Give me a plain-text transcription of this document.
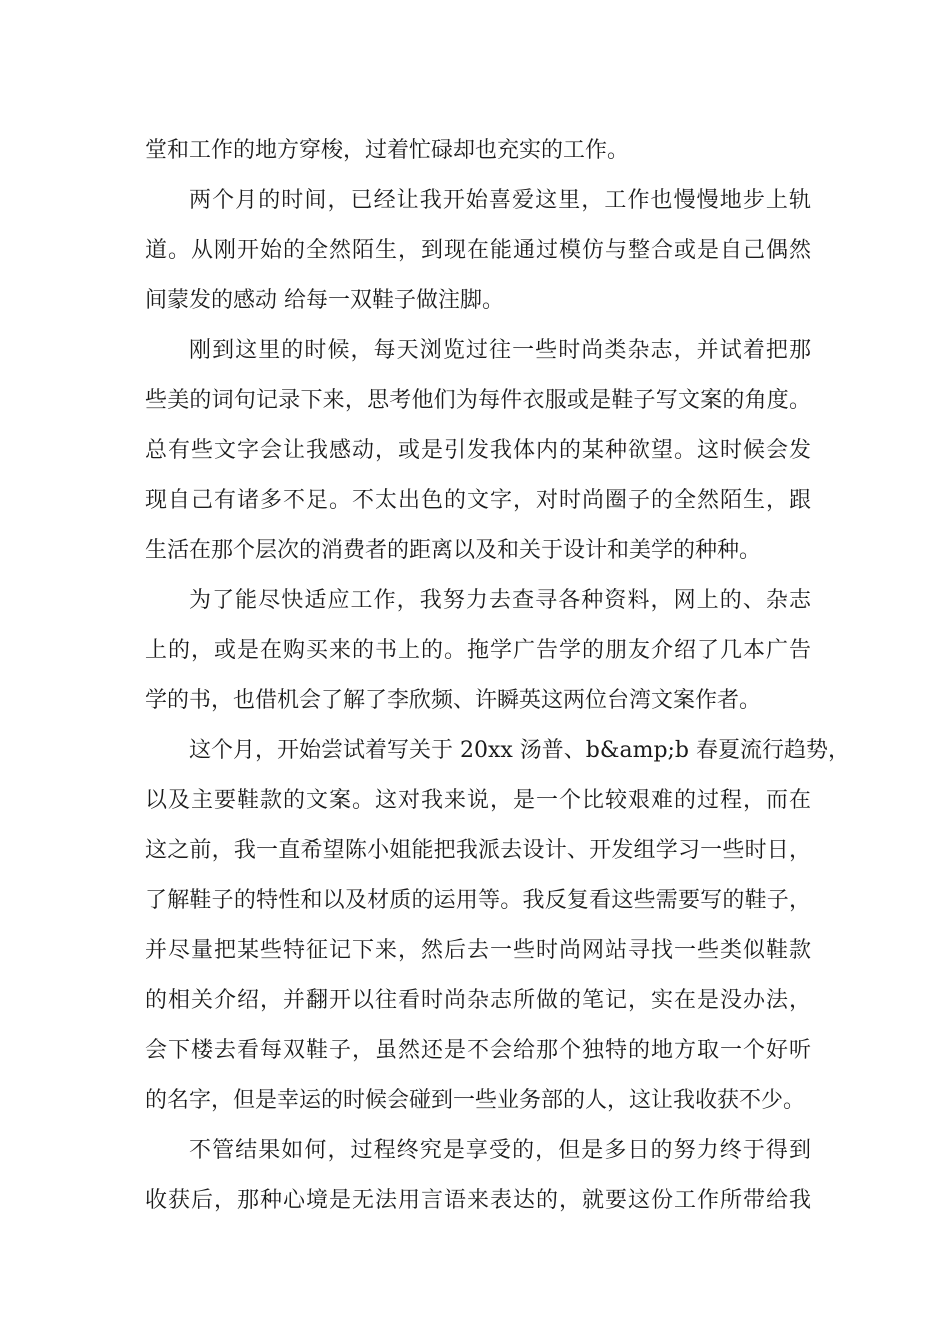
堂和工作的地方穿梭，过着忙碌却也充实的工作。
两个月的时间，已经让我开始喜爱这里，工作也慢慢地步上轨
道。从刚开始的全然陌生，到现在能通过模仿与整合或是自己偶然
间蒙发的感动 给每一双鞋子做注脚。
刚到这里的时候，每天浏览过往一些时尚类杂志，并试着把那
些美的词句记录下来，思考他们为每件衣服或是鞋子写文案的角度。
总有些文字会让我感动，或是引发我体内的某种欲望。这时候会发
现自己有诸多不足。不太出色的文字，对时尚圈子的全然陌生，跟
生活在那个层次的消费者的距离以及和关于设计和美学的种种。
为了能尽快适应工作，我努力去查寻各种资料，网上的、杂志
上的，或是在购买来的书上的。拖学广告学的朋友介绍了几本广告
学的书，也借机会了解了李欣频、许瞬英这两位台湾文案作者。
这个月，开始尝试着写关于 20xx 汤普、b&amp;b 春夏流行趋势，
以及主要鞋款的文案。这对我来说，是一个比较艰难的过程，而在
这之前，我一直希望陈小姐能把我派去设计、开发组学习一些时日，
了解鞋子的特性和以及材质的运用等。我反复看这些需要写的鞋子，
并尽量把某些特征记下来，然后去一些时尚网站寻找一些类似鞋款
的相关介绍，并翻开以往看时尚杂志所做的笔记，实在是没办法，
会下楼去看每双鞋子，虽然还是不会给那个独特的地方取一个好听
的名字，但是幸运的时候会碰到一些业务部的人，这让我收获不少。
不管结果如何，过程终究是享受的，但是多日的努力终于得到
收获后，那种心境是无法用言语来表达的，就要这份工作所带给我
